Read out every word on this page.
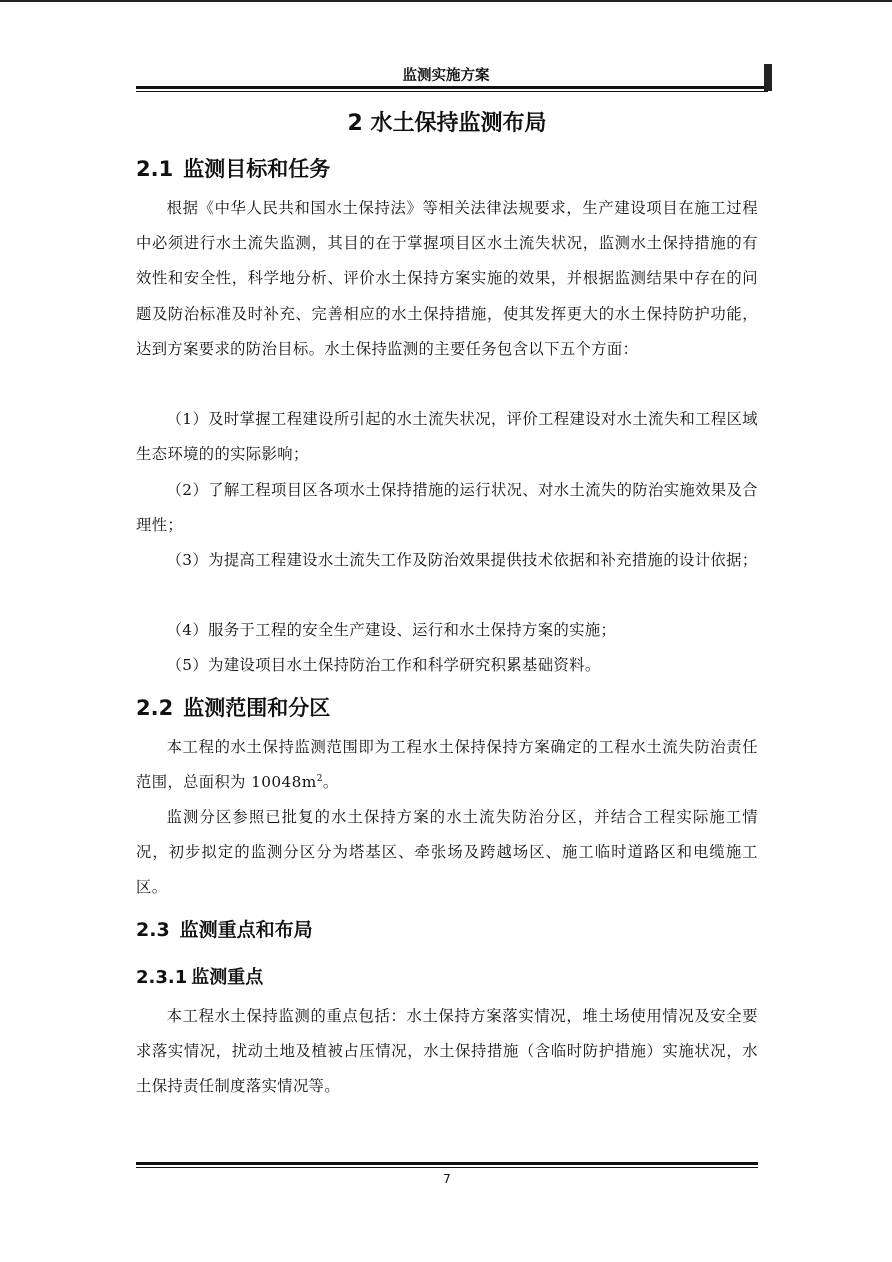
监测实施方案
2 水土保持监测布局
2.1 监测目标和任务

根据《中华人民共和国水土保持法》等相关法律法规要求，生产建设项目在施工过程中必须进行水土流失监测，其目的在于掌握项目区水土流失状况，监测水土保持措施的有效性和安全性，科学地分析、评价水土保持方案实施的效果，并根据监测结果中存在的问题及防治标准及时补充、完善相应的水土保持措施，使其发挥更大的水土保持防护功能，达到方案要求的防治目标。水土保持监测的主要任务包含以下五个方面：

（1）及时掌握工程建设所引起的水土流失状况，评价工程建设对水土流失和工程区域生态环境的的实际影响；

（2）了解工程项目区各项水土保持措施的运行状况、对水土流失的防治实施效果及合理性；

（3）为提高工程建设水土流失工作及防治效果提供技术依据和补充措施的设计依据；

（4）服务于工程的安全生产建设、运行和水土保持方案的实施；

（5）为建设项目水土保持防治工作和科学研究积累基础资料。

2.2 监测范围和分区

本工程的水土保持监测范围即为工程水土保持保持方案确定的工程水土流失防治责任范围，总面积为 $10048m^2$。

监测分区参照已批复的水土保持方案的水土流失防治分区，并结合工程实际施工情况，初步拟定的监测分区分为塔基区、牵张场及跨越场区、施工临时道路区和电缆施工区。

2.3 监测重点和布局
2.3.1 监测重点

本工程水土保持监测的重点包括：水土保持方案落实情况，堆土场使用情况及安全要求落实情况，扰动土地及植被占压情况，水土保持措施（含临时防护措施）实施状况，水土保持责任制度落实情况等。

7
